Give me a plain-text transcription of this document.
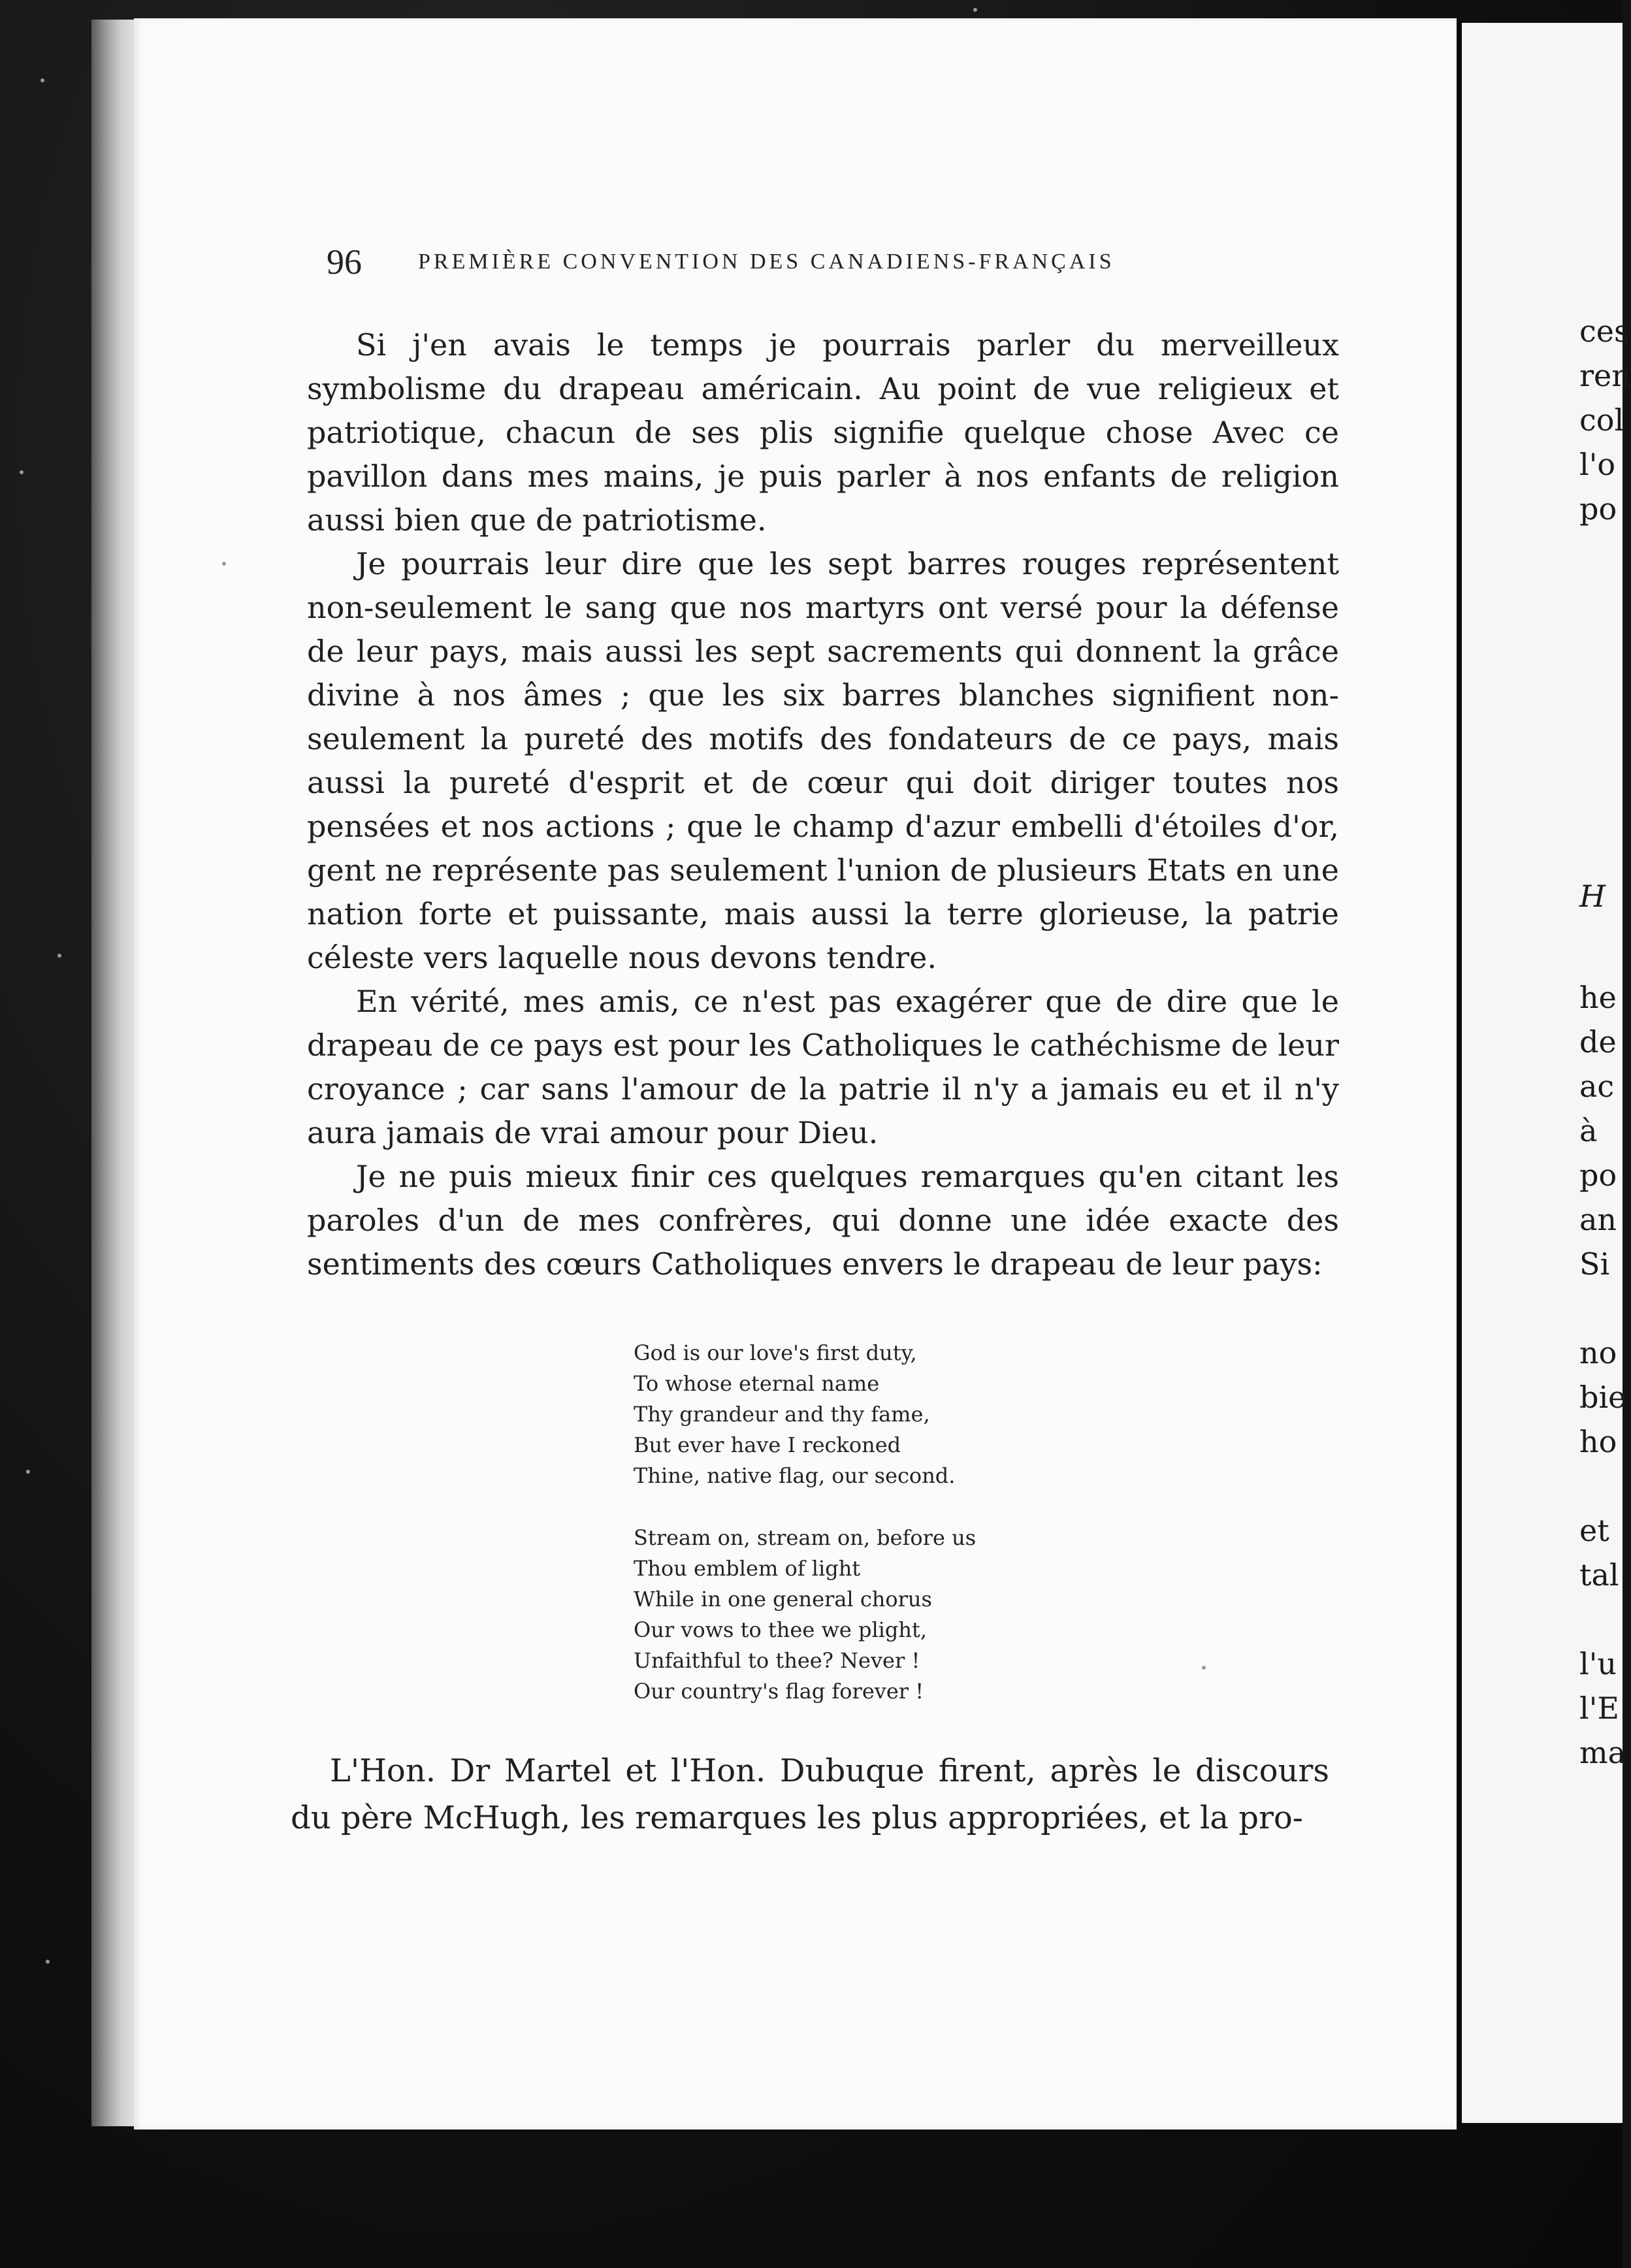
96	PREMIÈRE CONVENTION DES CANADIENS-FRANÇAIS

Si j'en avais le temps je pourrais parler du merveilleux symbolisme du drapeau américain. Au point de vue religieux et patriotique, chacun de ses plis signifie quelque chose Avec ce pavillon dans mes mains, je puis parler à nos enfants de religion aussi bien que de patriotisme.

Je pourrais leur dire que les sept barres rouges représentent non-seulement le sang que nos martyrs ont versé pour la défense de leur pays, mais aussi les sept sacrements qui donnent la grâce divine à nos âmes ; que les six barres blanches signifient non-seulement la pureté des motifs des fondateurs de ce pays, mais aussi la pureté d'esprit et de cœur qui doit diriger toutes nos pensées et nos actions ; que le champ d'azur embelli d'étoiles d'or, gent ne représente pas seulement l'union de plusieurs Etats en une nation forte et puissante, mais aussi la terre glorieuse, la patrie céleste vers laquelle nous devons tendre.

En vérité, mes amis, ce n'est pas exagérer que de dire que le drapeau de ce pays est pour les Catholiques le cathéchisme de leur croyance ; car sans l'amour de la patrie il n'y a jamais eu et il n'y aura jamais de vrai amour pour Dieu.

Je ne puis mieux finir ces quelques remarques qu'en citant les paroles d'un de mes confrères, qui donne une idée exacte des sentiments des cœurs Catholiques envers le drapeau de leur pays:

God is our love's first duty,
To whose eternal name
Thy grandeur and thy fame,
But ever have I reckoned
Thine, native flag, our second.
Stream on, stream on, before us
Thou emblem of light
While in one general chorus
Our vows to thee we plight,
Unfaithful to thee? Never !
Our country's flag forever !

L'Hon. Dr Martel et l'Hon. Dubuque firent, après le discours du père McHugh, les remarques les plus appropriées, et la pro-

ces
ren
col
l'o
po
H
he
de
ac
à
po
an
Si
no
bie
ho
et
tal
l'u
l'E
ma
